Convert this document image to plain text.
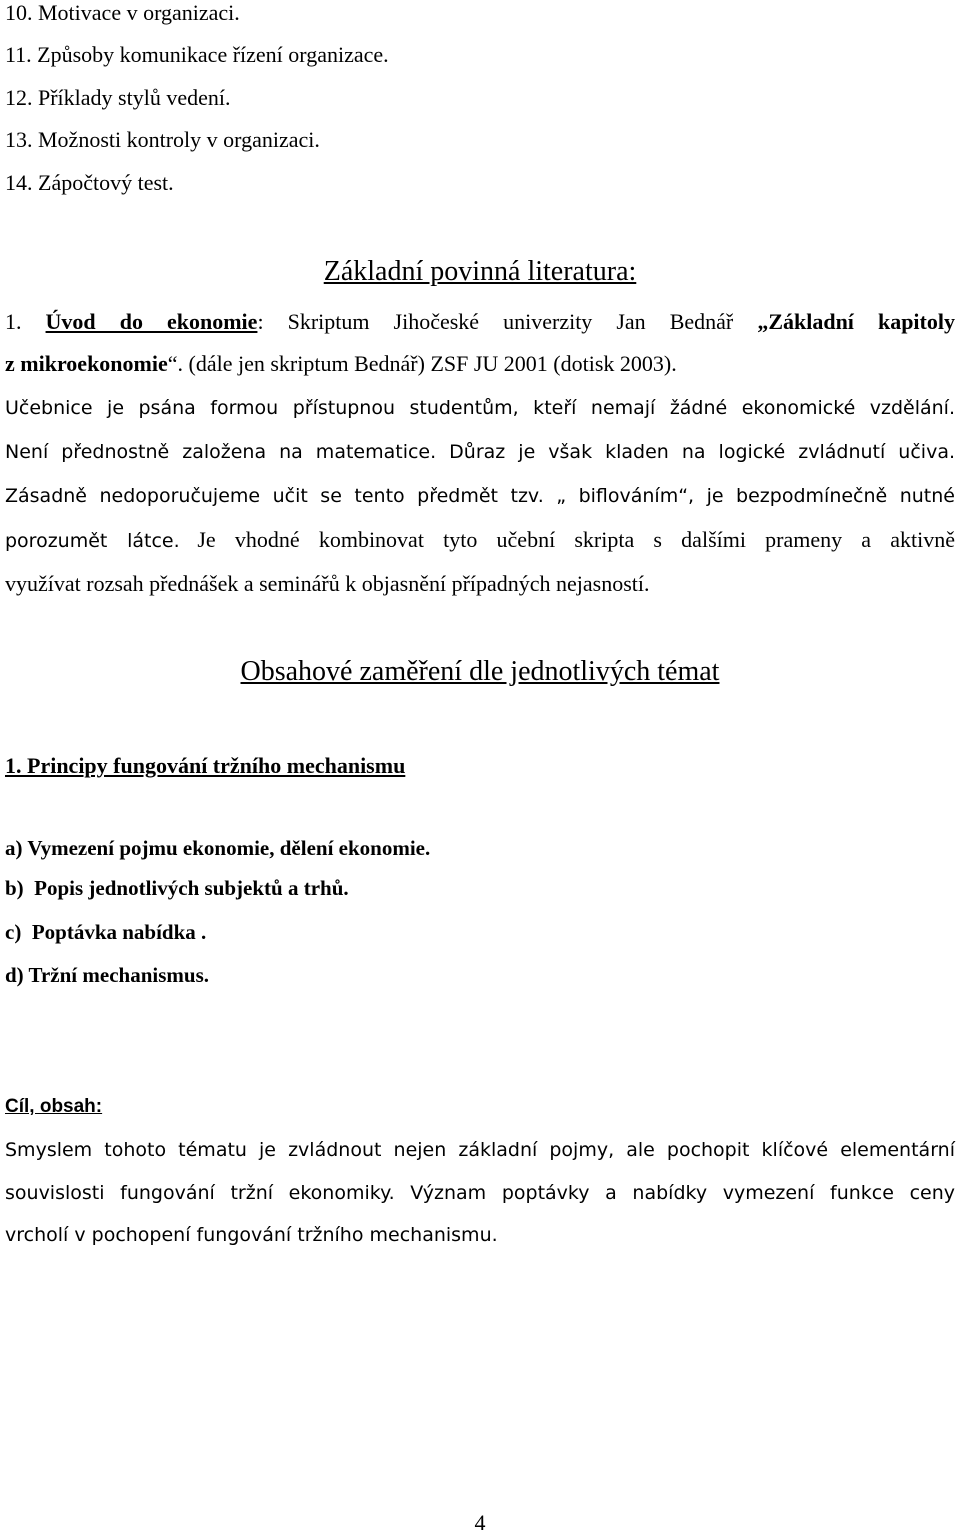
10. Motivace v organizaci.
11. Způsoby komunikace řízení organizace.
12. Příklady stylů vedení.
13. Možnosti kontroly v organizaci.
14. Zápočtový test.
Základní povinná literatura:
1. Úvod do ekonomie: Skriptum Jihočeské univerzity Jan Bednář „Základní kapitoly
z mikroekonomie“. (dále jen skriptum Bednář) ZSF JU 2001 (dotisk 2003).
Učebnice je psána formou přístupnou studentům, kteří nemají žádné ekonomické vzdělání.
Není přednostně založena na matematice. Důraz je však kladen na logické zvládnutí učiva.
Zásadně nedoporučujeme učit se tento předmět tzv. „ biflováním“, je bezpodmínečně nutné
porozumět látce. Je vhodné kombinovat tyto učební skripta s dalšími prameny a aktivně
využívat rozsah přednášek a seminářů k objasnění případných nejasností.
Obsahové zaměření dle jednotlivých témat
1. Principy fungování tržního mechanismu
a) Vymezení pojmu ekonomie, dělení ekonomie.
b)  Popis jednotlivých subjektů a trhů.
c)  Poptávka nabídka .
d) Tržní mechanismus.
Cíl, obsah:
Smyslem tohoto tématu je zvládnout nejen základní pojmy, ale pochopit klíčové elementární
souvislosti fungování tržní ekonomiky. Význam poptávky a nabídky vymezení funkce ceny
vrcholí v pochopení fungování tržního mechanismu.
4
